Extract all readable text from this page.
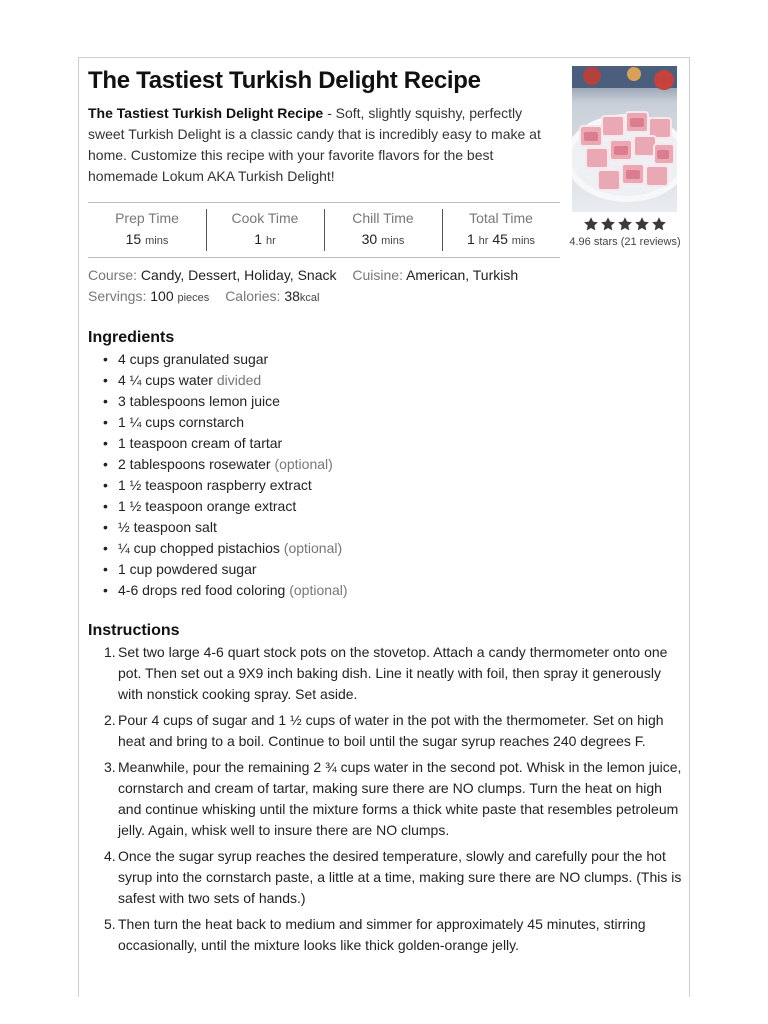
The Tastiest Turkish Delight Recipe

The Tastiest Turkish Delight Recipe - Soft, slightly squishy, perfectly sweet Turkish Delight is a classic candy that is incredibly easy to make at home. Customize this recipe with your favorite flavors for the best homemade Lokum AKA Turkish Delight!

4.96 stars (21 reviews)
Prep Time
15 mins
Cook Time
1 hr
Chill Time
30 mins
Total Time
1 hr 45 mins
Course: Candy, Dessert, Holiday, Snack Cuisine: American, Turkish
Servings: 100 pieces Calories: 38kcal
Ingredients
• 4 cups granulated sugar
• 4 ¼ cups water divided
• 3 tablespoons lemon juice
• 1 ¼ cups cornstarch
• 1 teaspoon cream of tartar
• 2 tablespoons rosewater (optional)
• 1 ½ teaspoon raspberry extract
• 1 ½ teaspoon orange extract
• ½ teaspoon salt
• ¼ cup chopped pistachios (optional)
• 1 cup powdered sugar
• 4-6 drops red food coloring (optional)
Instructions
1. Set two large 4-6 quart stock pots on the stovetop. Attach a candy thermometer onto one pot. Then set out a 9X9 inch baking dish. Line it neatly with foil, then spray it generously with nonstick cooking spray. Set aside.
2. Pour 4 cups of sugar and 1 ½ cups of water in the pot with the thermometer. Set on high heat and bring to a boil. Continue to boil until the sugar syrup reaches 240 degrees F.
3. Meanwhile, pour the remaining 2 ¾ cups water in the second pot. Whisk in the lemon juice, cornstarch and cream of tartar, making sure there are NO clumps. Turn the heat on high and continue whisking until the mixture forms a thick white paste that resembles petroleum jelly. Again, whisk well to insure there are NO clumps.
4. Once the sugar syrup reaches the desired temperature, slowly and carefully pour the hot syrup into the cornstarch paste, a little at a time, making sure there are NO clumps. (This is safest with two sets of hands.)
5. Then turn the heat back to medium and simmer for approximately 45 minutes, stirring occasionally, until the mixture looks like thick golden-orange jelly.
